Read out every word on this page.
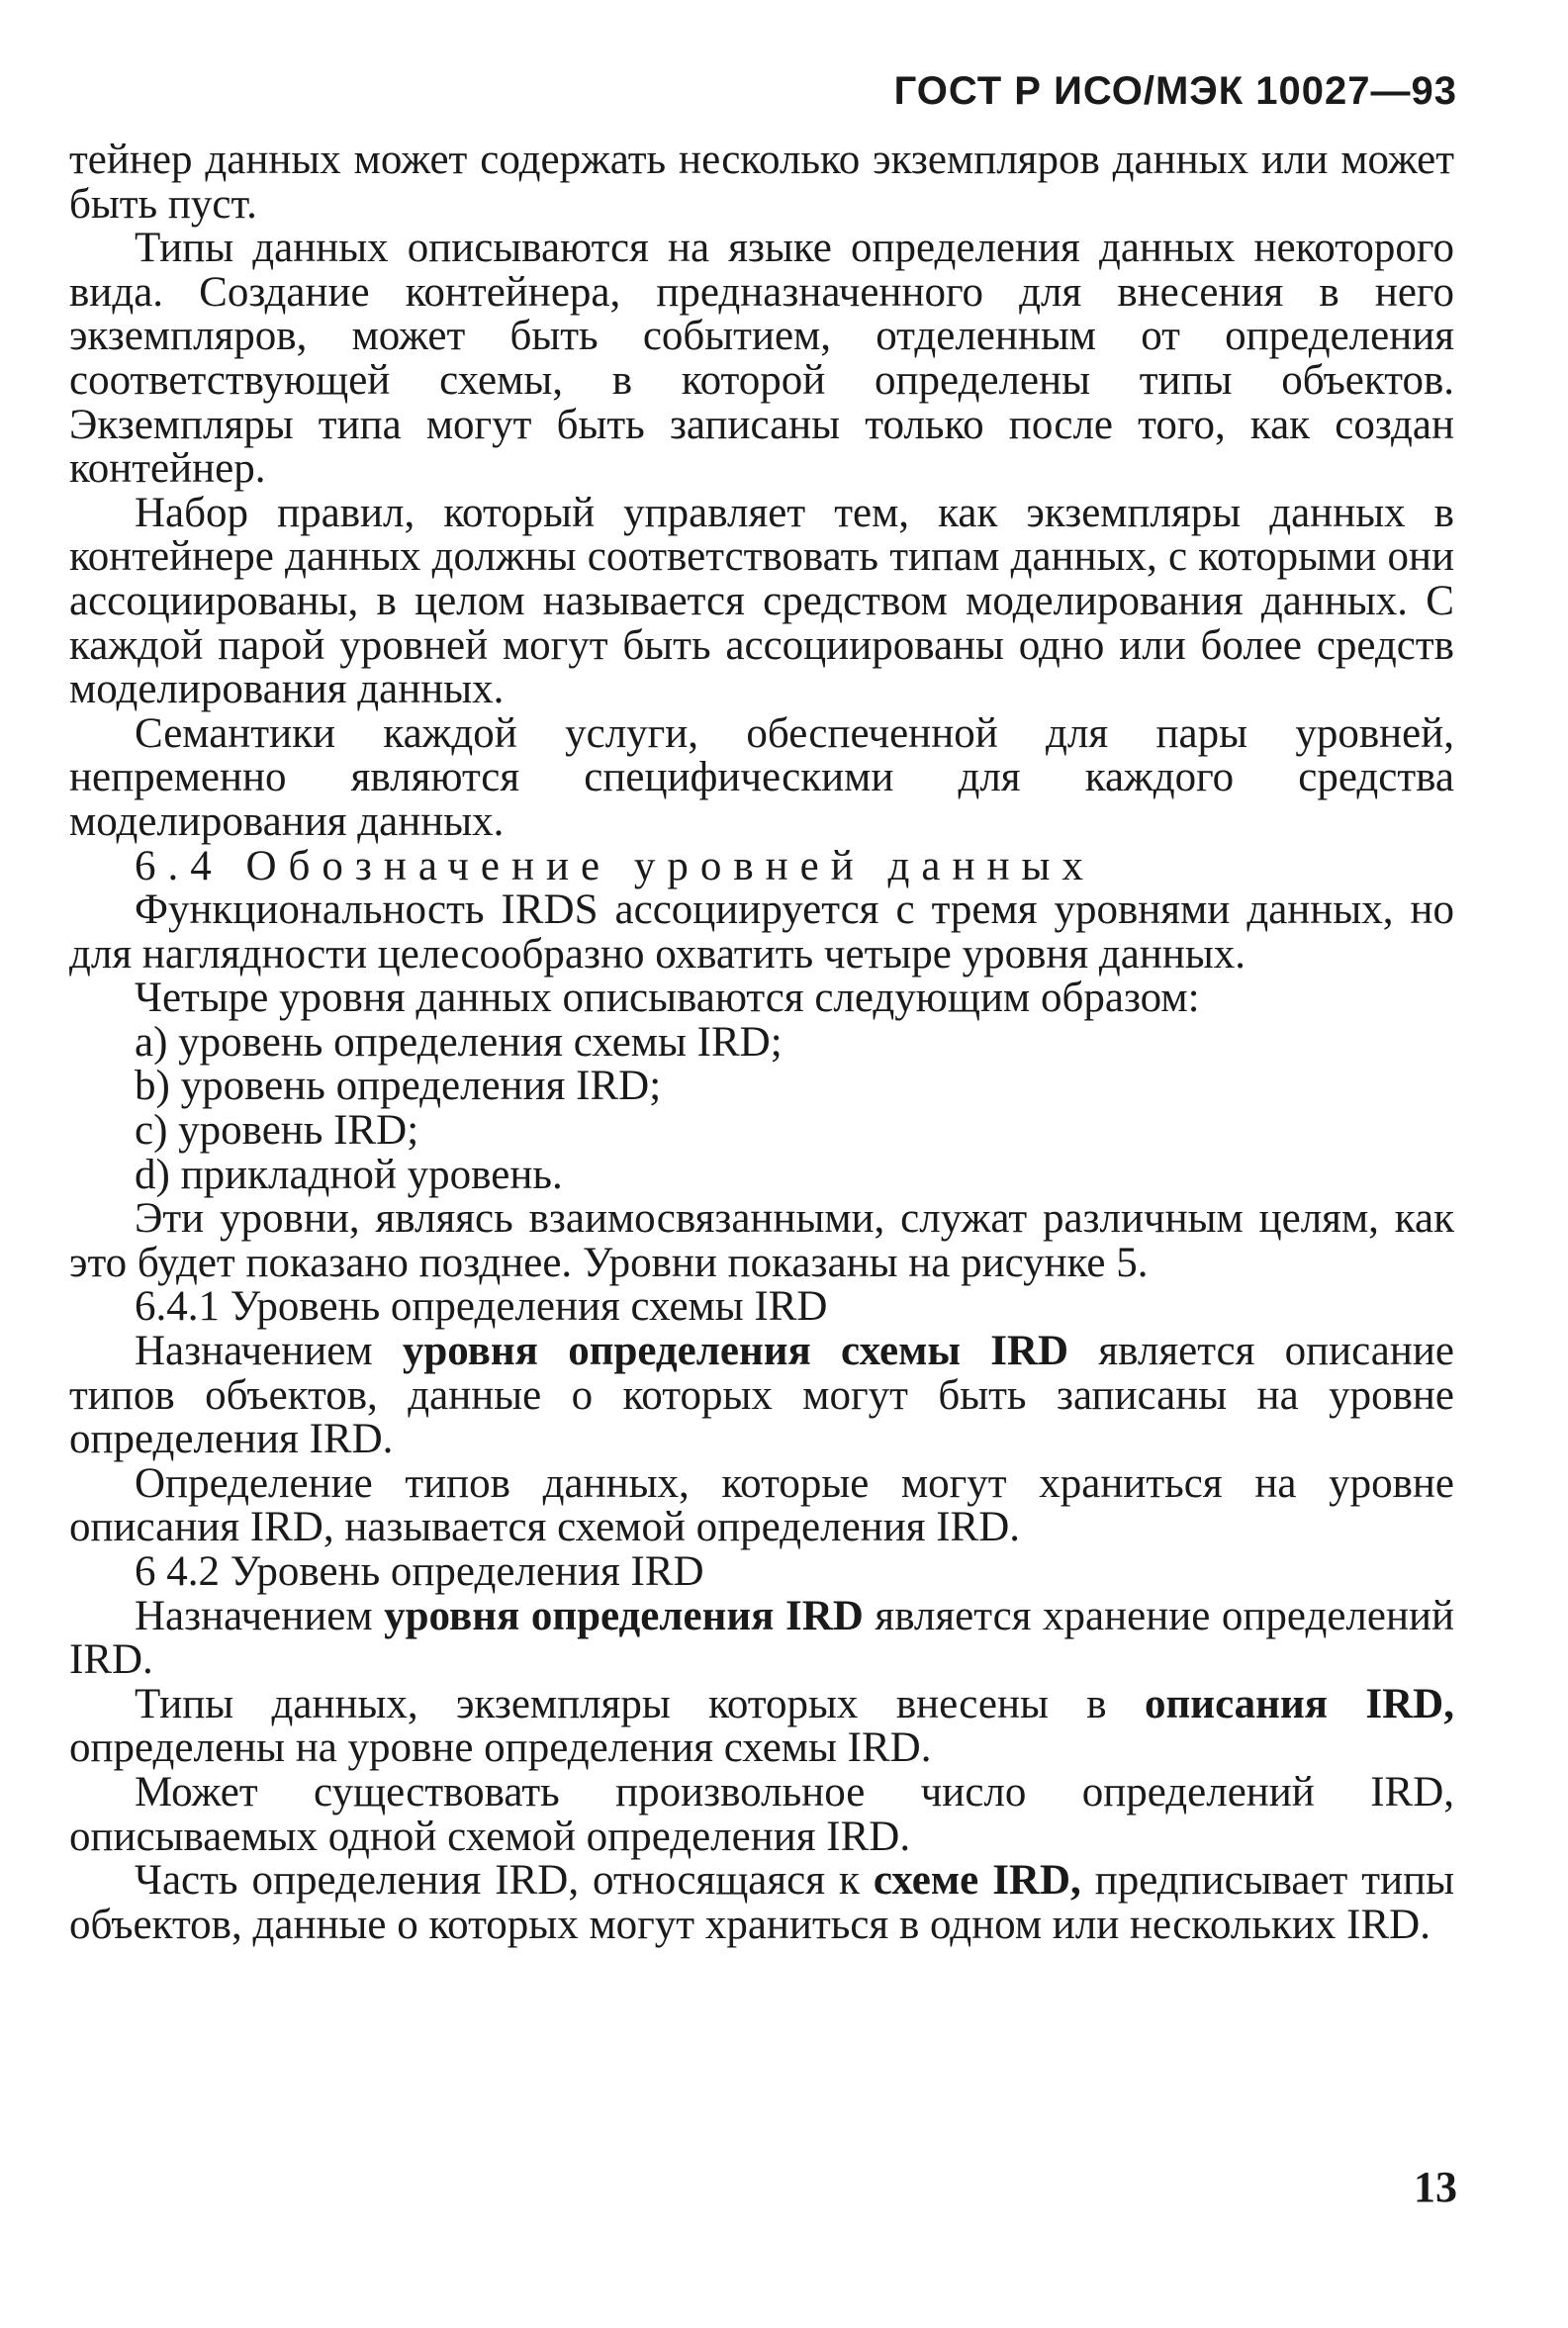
ГОСТ Р ИСО/МЭК 10027—93

тейнер данных может содержать несколько экземпляров данных или может быть пуст.

Типы данных описываются на языке определения данных некоторого вида. Создание контейнера, предназначенного для внесения в него экземпляров, может быть событием, отделенным от определения соответствующей схемы, в которой определены типы объектов. Экземпляры типа могут быть записаны только после того, как создан контейнер.

Набор правил, который управляет тем, как экземпляры данных в контейнере данных должны соответствовать типам данных, с которыми они ассоциированы, в целом называется средством моделирования данных. С каждой парой уровней могут быть ассоциированы одно или более средств моделирования данных.

Семантики каждой услуги, обеспеченной для пары уровней, непременно являются специфическими для каждого средства моделирования данных.

6.4 Обозначение уровней данных

Функциональность IRDS ассоциируется с тремя уровнями данных, но для наглядности целесообразно охватить четыре уровня данных.

Четыре уровня данных описываются следующим образом:

а) уровень определения схемы IRD;

b) уровень определения IRD;

с) уровень IRD;

d) прикладной уровень.

Эти уровни, являясь взаимосвязанными, служат различным целям, как это будет показано позднее. Уровни показаны на рисунке 5.

6.4.1 Уровень определения схемы IRD

Назначением уровня определения схемы IRD является описание типов объектов, данные о которых могут быть записаны на уровне определения IRD.

Определение типов данных, которые могут храниться на уровне описания IRD, называется схемой определения IRD.

6 4.2 Уровень определения IRD

Назначением уровня определения IRD является хранение определений IRD.

Типы данных, экземпляры которых внесены в описания IRD, определены на уровне определения схемы IRD.

Может существовать произвольное число определений IRD, описываемых одной схемой определения IRD.

Часть определения IRD, относящаяся к схеме IRD, предписывает типы объектов, данные о которых могут храниться в одном или нескольких IRD.

13
